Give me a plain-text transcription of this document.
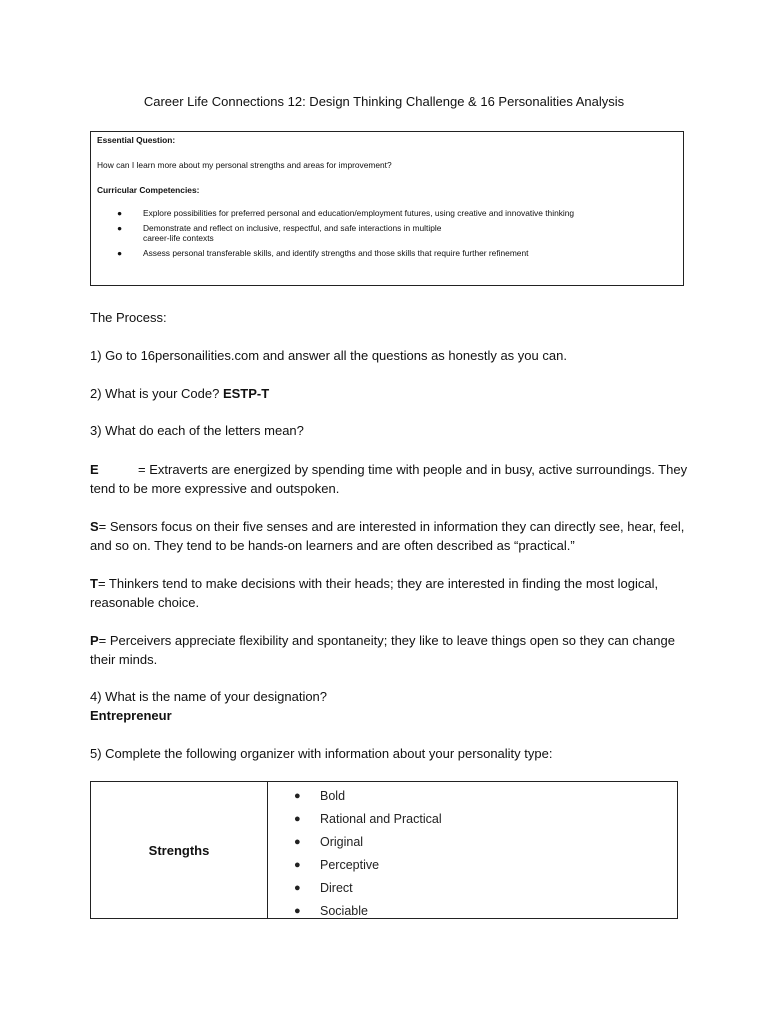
Career Life Connections 12: Design Thinking Challenge & 16 Personalities Analysis

Essential Question:

How can I learn more about my personal strengths and areas for improvement?

Curricular Competencies:

● Explore possibilities for preferred personal and education/employment futures, using creative and innovative thinking
● Demonstrate and reflect on inclusive, respectful, and safe interactions in multiple career-life contexts
● Assess personal transferable skills, and identify strengths and those skills that require further refinement
The Process:
1) Go to 16personailities.com and answer all the questions as honestly as you can.
2) What is your Code? ESTP-T
3) What do each of the letters mean?
E	= Extraverts are energized by spending time with people and in busy, active surroundings. They tend to be more expressive and outspoken.
S= Sensors focus on their five senses and are interested in information they can directly see, hear, feel, and so on. They tend to be hands-on learners and are often described as “practical.”
T= Thinkers tend to make decisions with their heads; they are interested in finding the most logical, reasonable choice.
P= Perceivers appreciate flexibility and spontaneity; they like to leave things open so they can change their minds.
4) What is the name of your designation?
Entrepreneur
5) Complete the following organizer with information about your personality type:
Strengths
● Bold
● Rational and Practical
● Original
● Perceptive
● Direct
● Sociable
